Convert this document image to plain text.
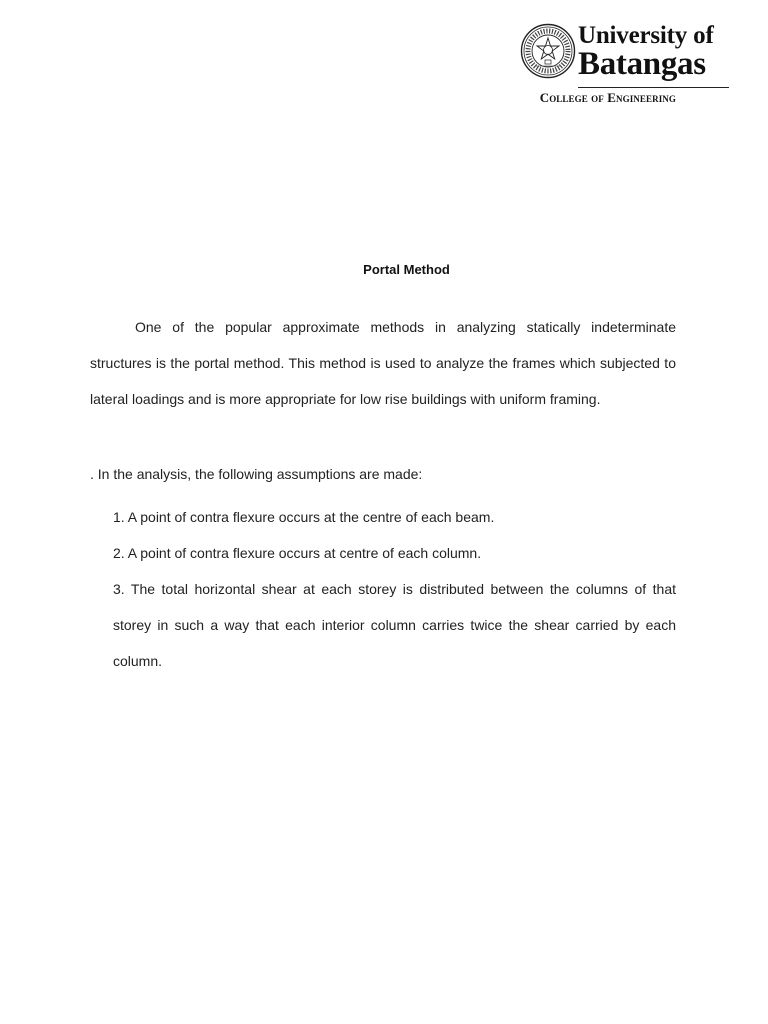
University of
Batangas
College of Engineering
Portal Method

One of the popular approximate methods in analyzing statically indeterminate structures is the portal method. This method is used to analyze the frames which subjected to lateral loadings and is more appropriate for low rise buildings with uniform framing.

. In the analysis, the following assumptions are made:
1. A point of contra flexure occurs at the centre of each beam.
2. A point of contra flexure occurs at centre of each column.
3. The total horizontal shear at each storey is distributed between the columns of that storey in such a way that each interior column carries twice the shear carried by each column.
